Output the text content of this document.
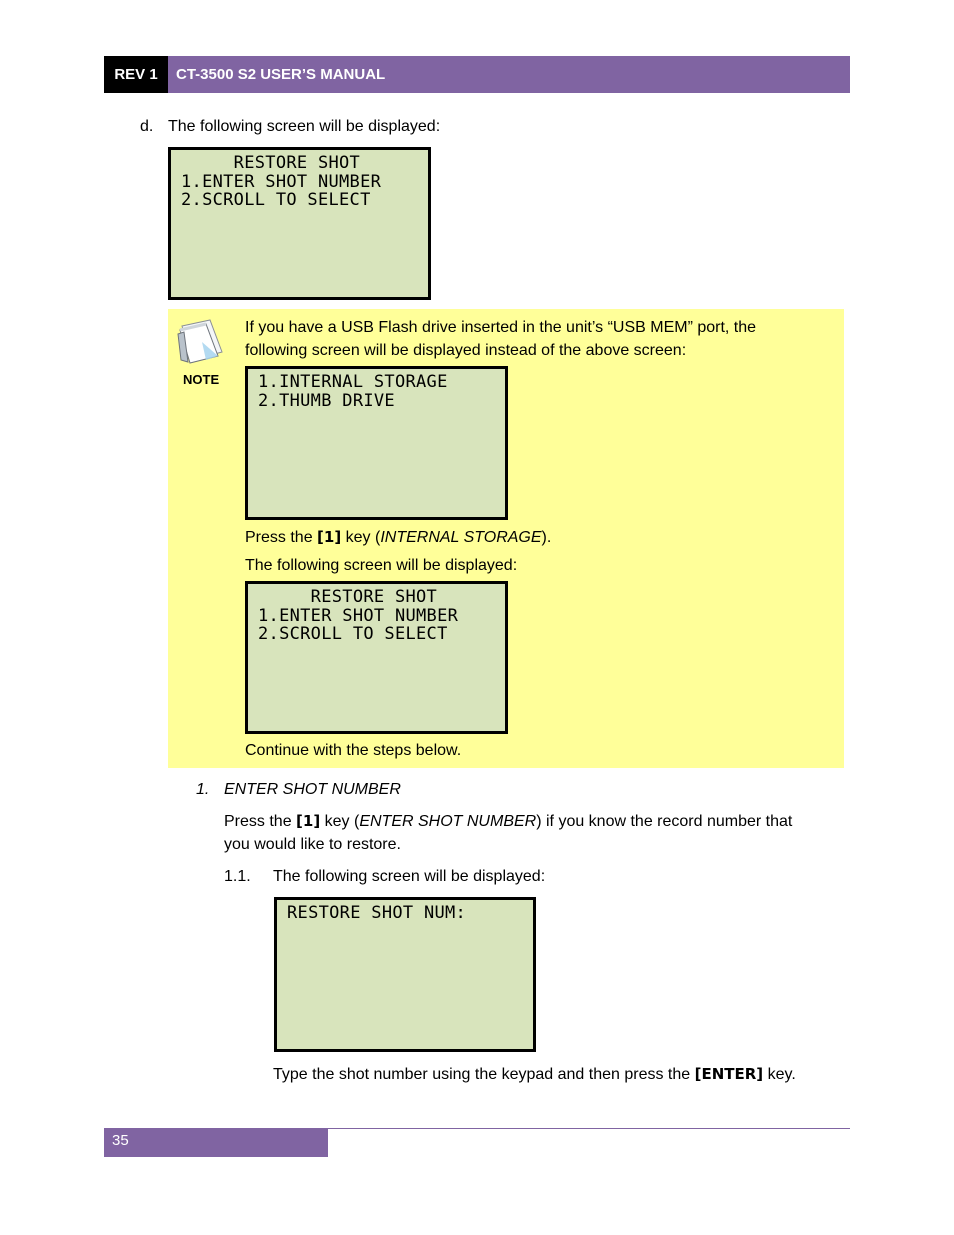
REV 1	CT-3500 S2 USER’S MANUAL
d. The following screen will be displayed:
RESTORE SHOT
1.ENTER SHOT NUMBER
2.SCROLL TO SELECT
NOTE
If you have a USB Flash drive inserted in the unit’s “USB MEM” port, the
following screen will be displayed instead of the above screen:
1.INTERNAL STORAGE
2.THUMB DRIVE
Press the [1] key (INTERNAL STORAGE).
The following screen will be displayed:
RESTORE SHOT
1.ENTER SHOT NUMBER
2.SCROLL TO SELECT
Continue with the steps below.
1. ENTER SHOT NUMBER
Press the [1] key (ENTER SHOT NUMBER) if you know the record number that
you would like to restore.
1.1. The following screen will be displayed:
RESTORE SHOT NUM:
Type the shot number using the keypad and then press the [ENTER] key.
35
